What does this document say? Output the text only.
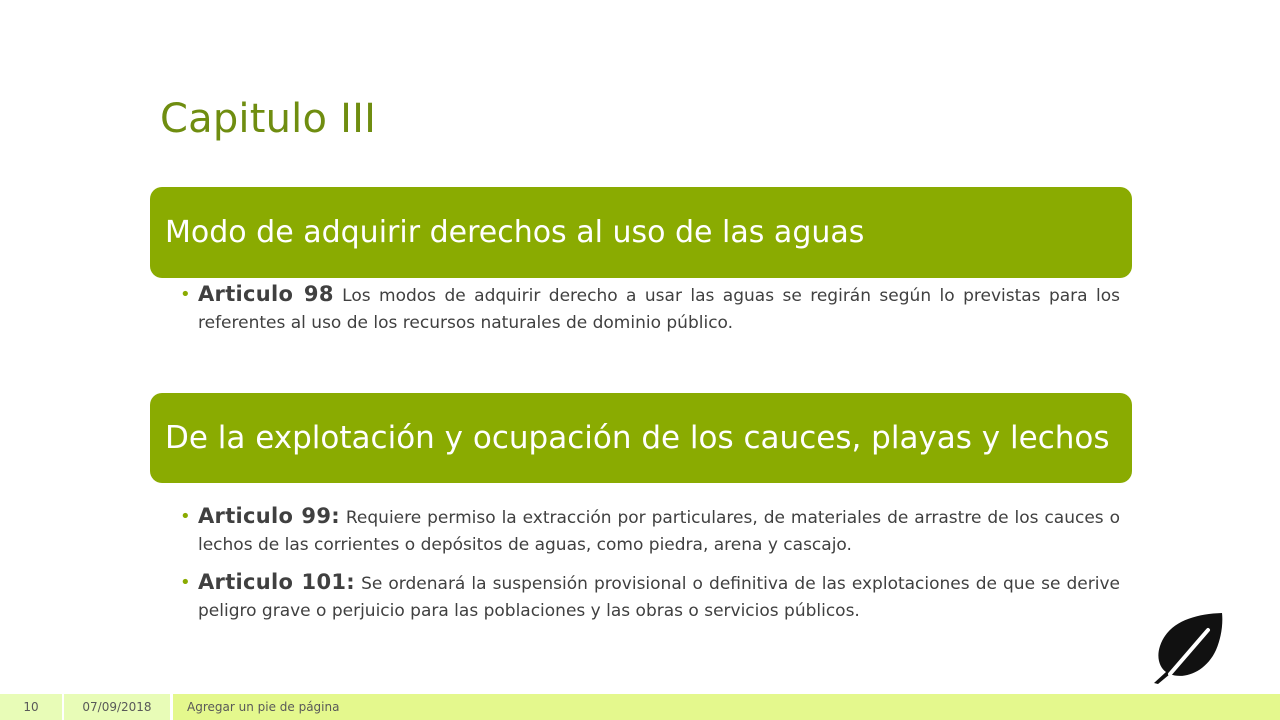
Capitulo III
Modo de adquirir derechos al uso de las aguas
• Articulo 98 Los modos de adquirir derecho a usar las aguas se regirán según lo previstas para los referentes al uso de los recursos naturales de dominio público.
De la explotación y ocupación de los cauces, playas y lechos
• Articulo 99: Requiere permiso la extracción por particulares, de materiales de arrastre de los cauces o lechos de las corrientes o depósitos de aguas, como piedra, arena y cascajo.
• Articulo 101: Se ordenará la suspensión provisional o definitiva de las explotaciones de que se derive peligro grave o perjuicio para las poblaciones y las obras o servicios públicos.
10	07/09/2018	Agregar un pie de página
